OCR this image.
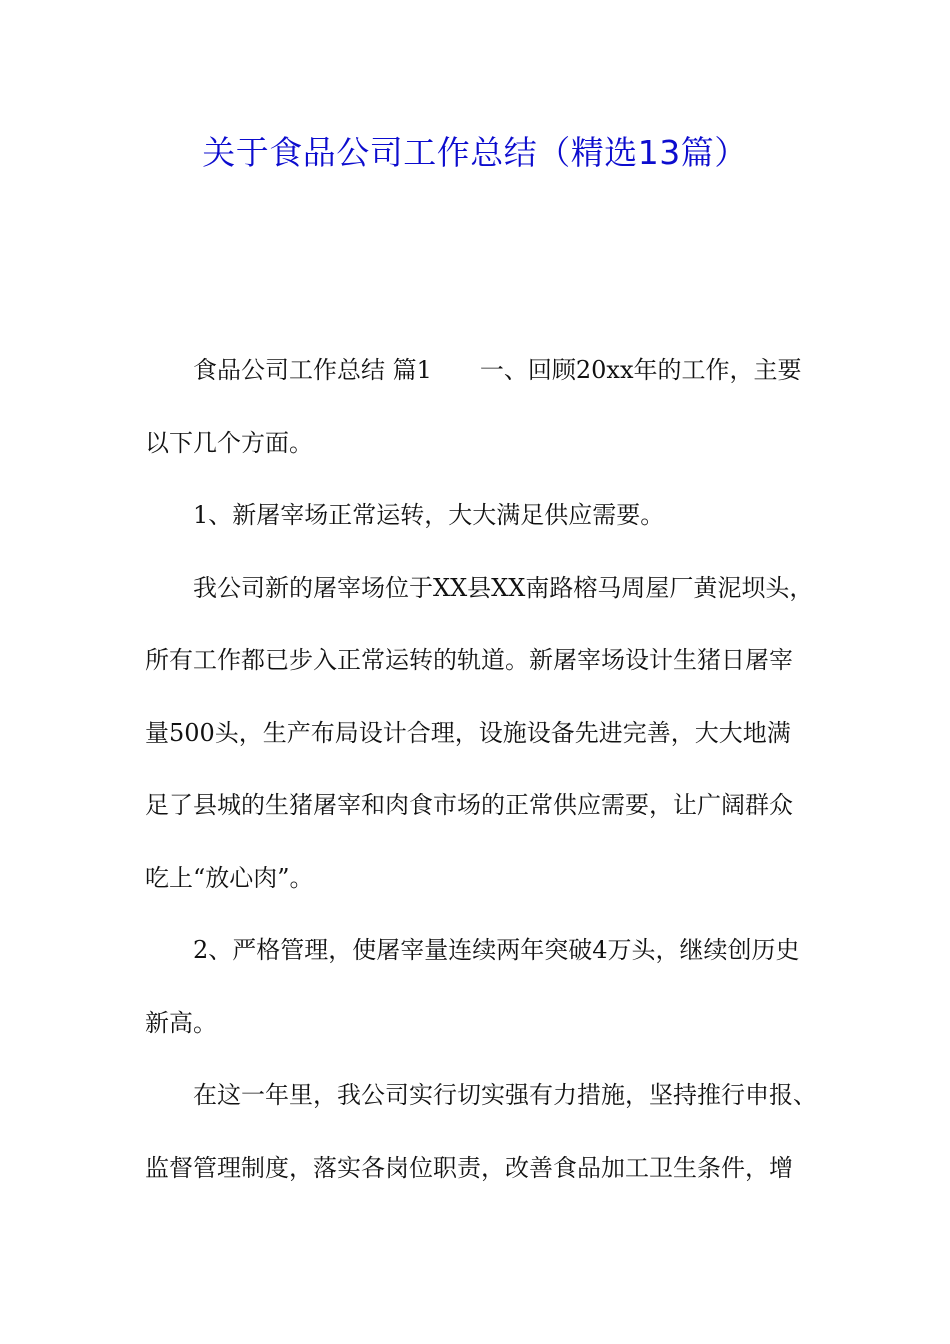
关于食品公司工作总结（精选13篇）
食品公司工作总结 篇1　　一、回顾20xx年的工作，主要
以下几个方面。
1、新屠宰场正常运转，大大满足供应需要。
我公司新的屠宰场位于XX县XX南路榕马周屋厂黄泥坝头，
所有工作都已步入正常运转的轨道。新屠宰场设计生猪日屠宰
量500头，生产布局设计合理，设施设备先进完善，大大地满
足了县城的生猪屠宰和肉食市场的正常供应需要，让广阔群众
吃上“放心肉”。
2、严格管理，使屠宰量连续两年突破4万头，继续创历史
新高。
在这一年里，我公司实行切实强有力措施，坚持推行申报、
监督管理制度，落实各岗位职责，改善食品加工卫生条件，增
